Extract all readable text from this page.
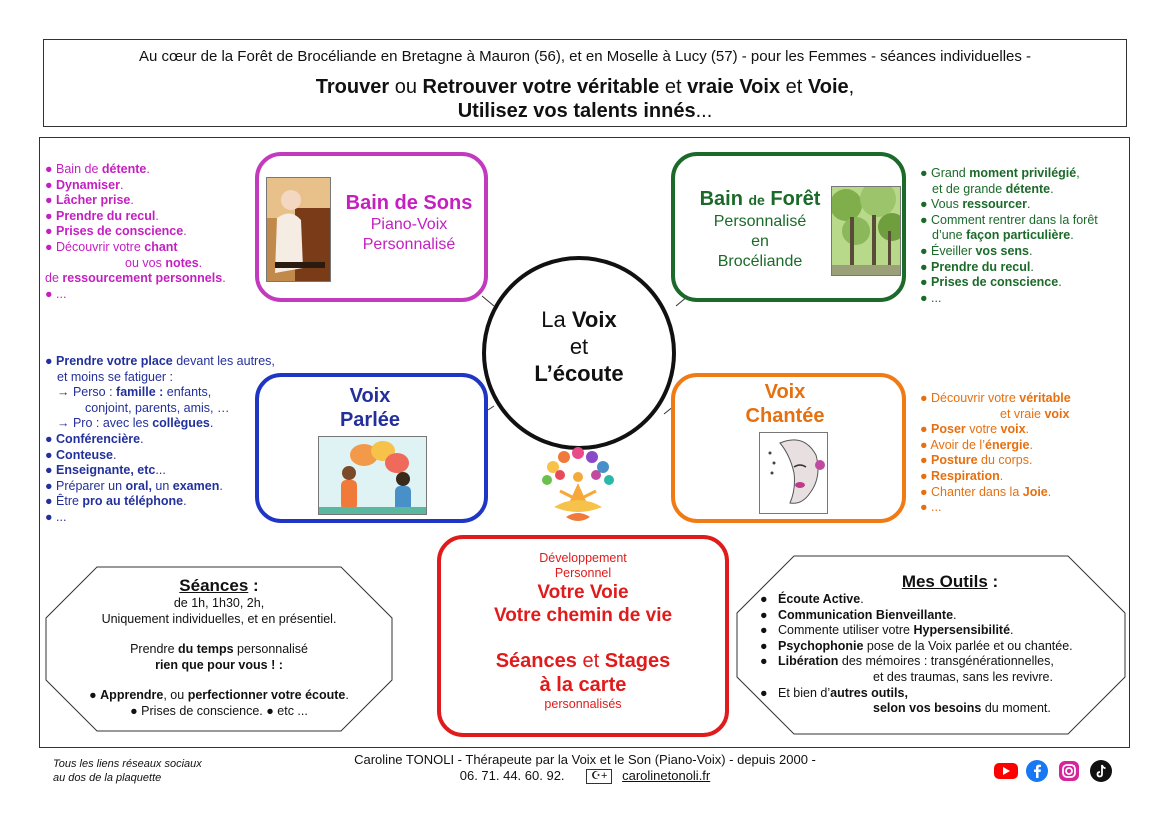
Au cœur de la Forêt de Brocéliande en Bretagne à Mauron (56), et en Moselle à Lucy (57) - pour les Femmes - séances individuelles -
Trouver ou Retrouver votre véritable et vraie Voix et Voie,
Utilisez vos talents innés...
La Voix
et
L’écoute
Bain de Sons
Piano-Voix
Personnalisé
● Bain de détente.
● Dynamiser.
● Lâcher prise.
● Prendre du recul.
● Prises de conscience.
● Découvrir votre chant
ou vos notes.
de ressourcement personnels.
● ...
Bain de Forêt
Personnalisé
en
Brocéliande
● Grand moment privilégié,
et de grande détente.
● Vous ressourcer.
● Comment rentrer dans la forêt
d’une façon particulière.
● Éveiller vos sens.
● Prendre du recul.
● Prises de conscience.
● ...
Voix
Parlée
● Prendre votre place devant les autres,
et moins se fatiguer :
→ Perso : famille : enfants,
conjoint, parents, amis, …
→ Pro : avec les collègues.
● Conférencière.
● Conteuse.
● Enseignante, etc...
● Préparer un oral, un examen.
● Être pro au téléphone.
● ...
Voix
Chantée
● Découvrir votre véritable
et vraie voix
● Poser votre voix.
● Avoir de l’énergie.
● Posture du corps.
● Respiration.
● Chanter dans la Joie.
● ...
Développement
Personnel
Votre Voie
Votre chemin de vie
Séances et Stages
à la carte
personnalisés
Séances :
de 1h, 1h30, 2h,
Uniquement individuelles, et en présentiel.
Prendre du temps personnalisé
rien que pour vous ! :
● Apprendre, ou perfectionner votre écoute.
● Prises de conscience. ● etc ...
Mes Outils :
● Écoute Active.
● Communication Bienveillante.
● Commente utiliser votre Hypersensibilité.
● Psychophonie pose de la Voix parlée et ou chantée.
● Libération des mémoires : transgénérationnelles,
et des traumas, sans les revivre.
● Et bien d’autres outils,
selon vos besoins du moment.
Tous les liens réseaux sociaux
au dos de la plaquette
Caroline TONOLI - Thérapeute par la Voix et le Son (Piano-Voix) - depuis 2000 -
06. 71. 44. 60. 92. ☪+ carolinetonoli.fr
